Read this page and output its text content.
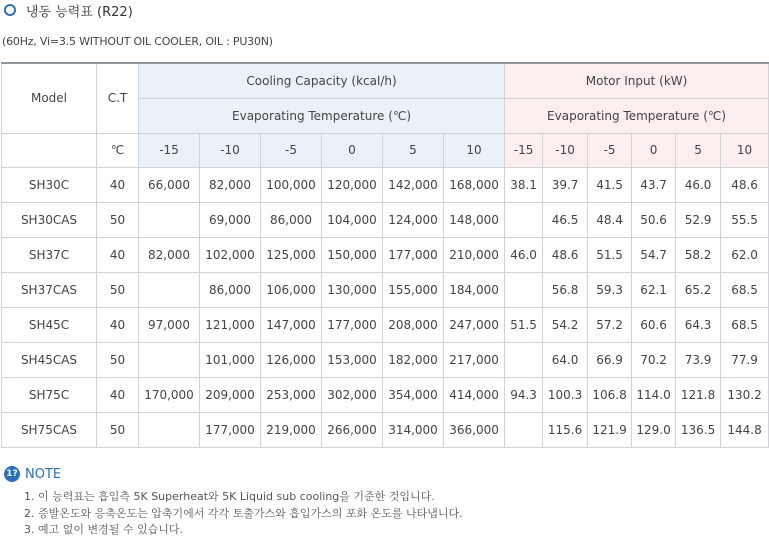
냉동 능력표 (R22)
(60Hz, Vi=3.5 WITHOUT OIL COOLER, OIL : PU30N)
Model	C.T	Cooling Capacity (kcal/h)						Motor Input (kW)					
		Evaporating Temperature (℃)						Evaporating Temperature (℃)					
	℃	-15	-10	-5	0	5	10	-15	-10	-5	0	5	10
SH30C	40	66,000	82,000	100,000	120,000	142,000	168,000	38.1	39.7	41.5	43.7	46.0	48.6
SH30CAS	50		69,000	86,000	104,000	124,000	148,000		46.5	48.4	50.6	52.9	55.5
SH37C	40	82,000	102,000	125,000	150,000	177,000	210,000	46.0	48.6	51.5	54.7	58.2	62.0
SH37CAS	50		86,000	106,000	130,000	155,000	184,000		56.8	59.3	62.1	65.2	68.5
SH45C	40	97,000	121,000	147,000	177,000	208,000	247,000	51.5	54.2	57.2	60.6	64.3	68.5
SH45CAS	50		101,000	126,000	153,000	182,000	217,000		64.0	66.9	70.2	73.9	77.9
SH75C	40	170,000	209,000	253,000	302,000	354,000	414,000	94.3	100.3	106.8	114.0	121.8	130.2
SH75CAS	50		177,000	219,000	266,000	314,000	366,000		115.6	121.9	129.0	136.5	144.8
1? NOTE
1. 이 능력표는 흡입측 5K Superheat와 5K Liquid sub cooling을 기준한 것입니다.
2. 증발온도와 응축온도는 압축기에서 각각 토출가스와 흡입가스의 포화 온도를 나타냅니다.
3. 예고 없이 변경될 수 있습니다.
